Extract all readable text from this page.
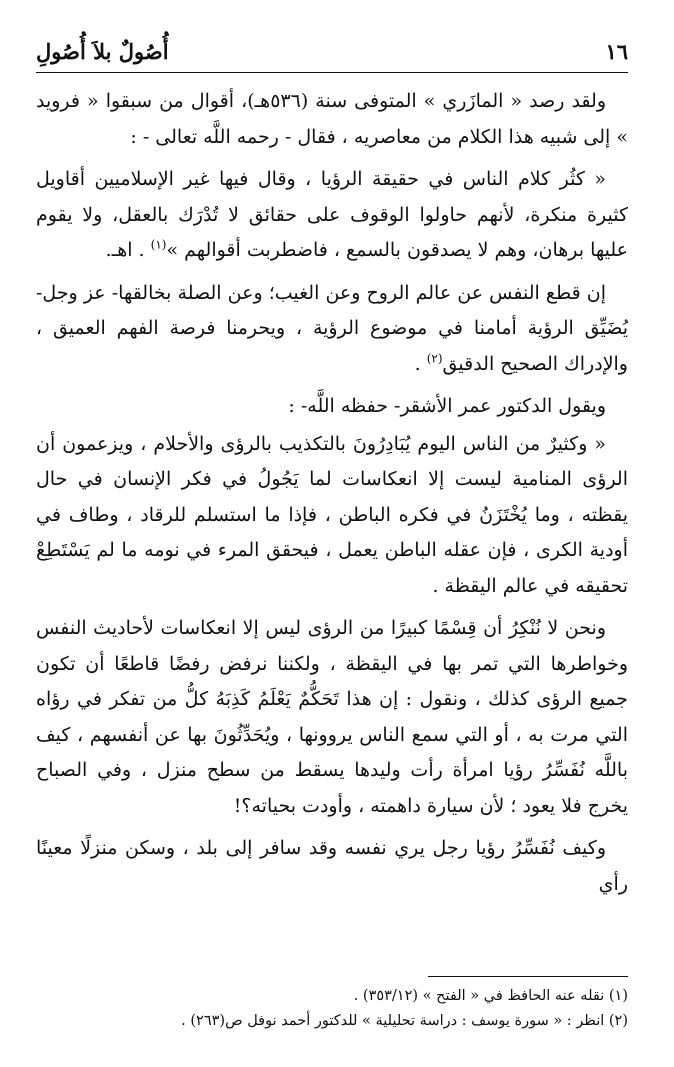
١٦
أُصُولٌ بلاَ أُصُولِ

ولقد رصد « المازَري » المتوفى سنة (٥٣٦هـ)، أقوال من سبقوا « فرويد » إلى شبيه هذا الكلام من معاصريه ، فقال - رحمه اللَّه تعالى - :

« كثُر كلام الناس في حقيقة الرؤيا ، وقال فيها غير الإسلاميين أقاويل كثيرة منكرة، لأنهم حاولوا الوقوف على حقائق لا تُدْرَك بالعقل، ولا يقوم عليها برهان، وهم لا يصدقون بالسمع ، فاضطربت أقوالهم »$^{(١)}$ . اهـ.

إن قطع النفس عن عالم الروح وعن الغيب؛ وعن الصلة بخالقها- عز وجل- يُضَيِّق الرؤية أمامنا في موضوع الرؤية ، ويحرمنا فرصة الفهم العميق ، والإدراك الصحيح الدقيق$^{(٢)}$ .

ويقول الدكتور عمر الأشقر- حفظه اللَّه- :

« وكثيرٌ من الناس اليوم يُبَادِرُونَ بالتكذيب بالرؤى والأحلام ، ويزعمون أن الرؤى المنامية ليست إلا انعكاسات لما يَجُولُ في فكر الإنسان في حال يقظته ، وما يُخْتَزَنُ في فكره الباطن ، فإذا ما استسلم للرقاد ، وطاف في أودية الكرى ، فإن عقله الباطن يعمل ، فيحقق المرء في نومه ما لم يَسْتَطِعْ تحقيقه في عالم اليقظة .

ونحن لا نُنْكِرُ أن قِسْمًا كبيرًا من الرؤى ليس إلا انعكاسات لأحاديث النفس وخواطرها التي تمر بها في اليقظة ، ولكننا نرفض رفضًا قاطعًا أن تكون جميع الرؤى كذلك ، ونقول : إن هذا تَحَكُّمٌ يَعْلَمُ كَذِبَهُ كلُّ من تفكر في رؤاه التي مرت به ، أو التي سمع الناس يروونها ، ويُحَدِّثُونَ بها عن أنفسهم ، كيف باللَّه نُفَسِّرُ رؤيا امرأة رأت وليدها يسقط من سطح منزل ، وفي الصباح يخرج فلا يعود ؛ لأن سيارة داهمته ، وأودت بحياته؟!

وكيف نُفَسِّرُ رؤيا رجل يري نفسه وقد سافر إلى بلد ، وسكن منزلًا معينًا رأي

(١) نقله عنه الحافظ في « الفتح » (٣٥٣/١٢) .
(٢) انظر : « سورة يوسف : دراسة تحليلية » للدكتور أحمد نوفل ص(٢٦٣) .
